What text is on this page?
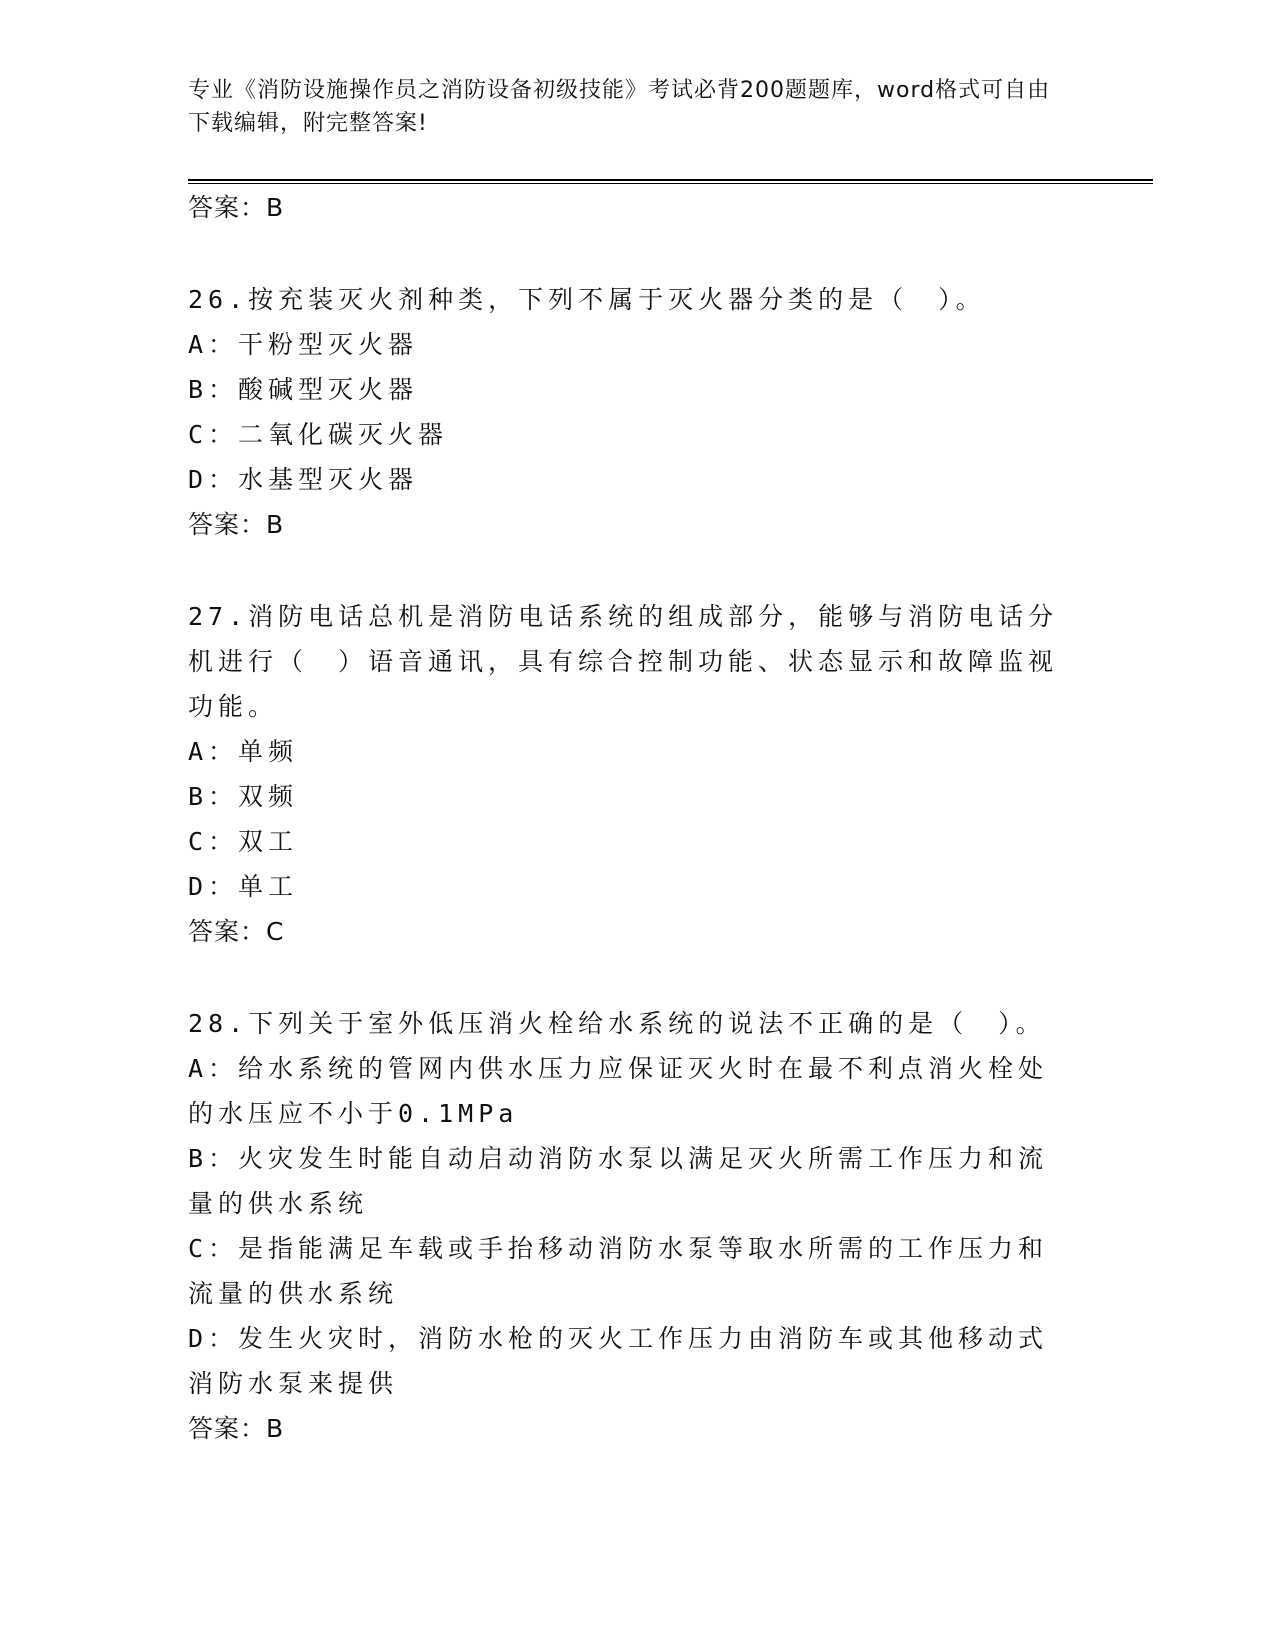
专业《消防设施操作员之消防设备初级技能》考试必背200题题库，word格式可自由下载编辑，附完整答案!
答案：B
26.按充装灭火剂种类，下列不属于灭火器分类的是（　）。
A：干粉型灭火器
B：酸碱型灭火器
C：二氧化碳灭火器
D：水基型灭火器
答案：B
27.消防电话总机是消防电话系统的组成部分，能够与消防电话分机进行（　）语音通讯，具有综合控制功能、状态显示和故障监视功能。
A：单频
B：双频
C：双工
D：单工
答案：C
28.下列关于室外低压消火栓给水系统的说法不正确的是（　）。
A：给水系统的管网内供水压力应保证灭火时在最不利点消火栓处的水压应不小于0.1MPa
B：火灾发生时能自动启动消防水泵以满足灭火所需工作压力和流量的供水系统
C：是指能满足车载或手抬移动消防水泵等取水所需的工作压力和流量的供水系统
D：发生火灾时，消防水枪的灭火工作压力由消防车或其他移动式消防水泵来提供
答案：B
